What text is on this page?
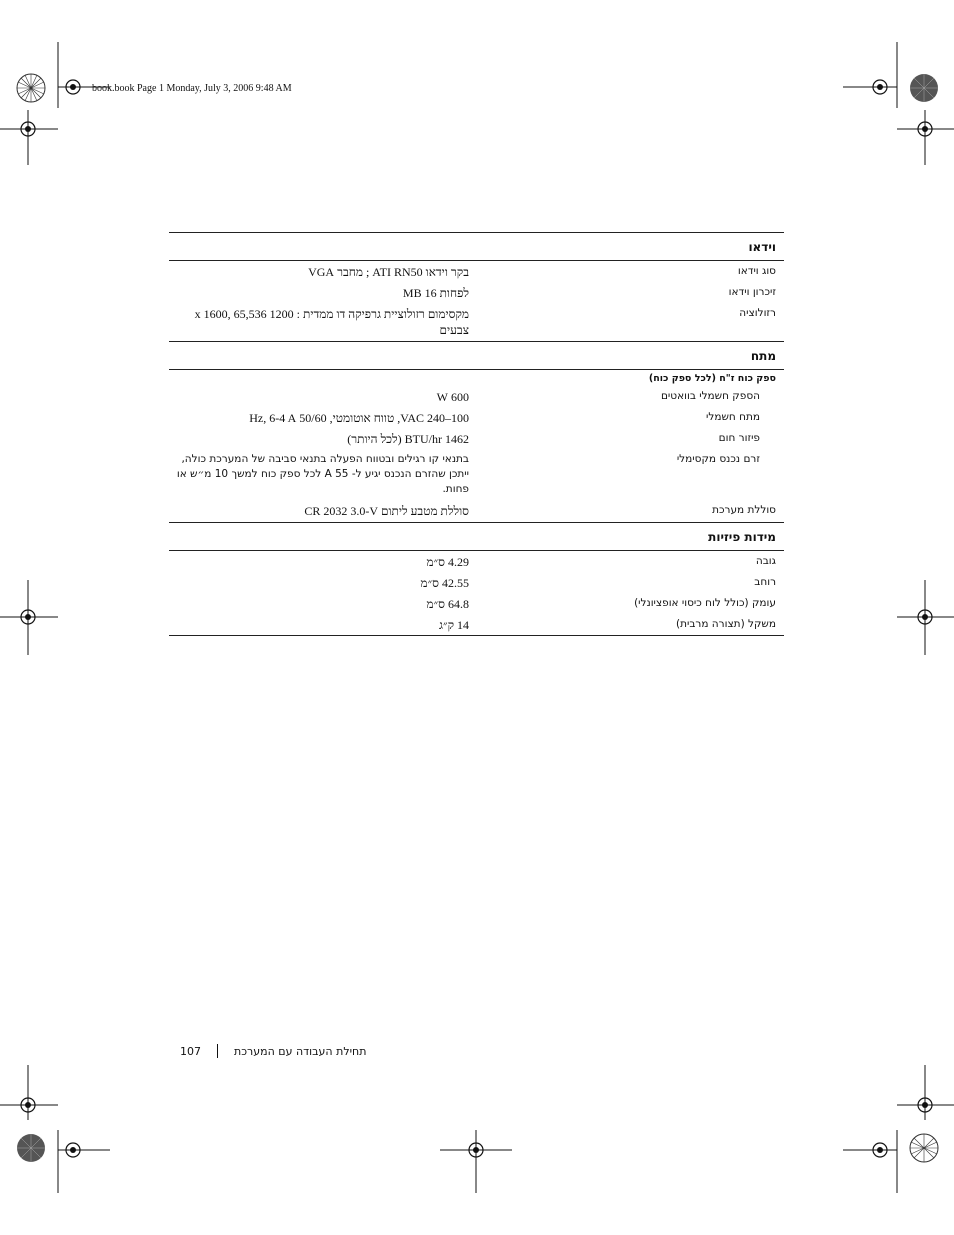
book.book Page 1 Monday, July 3, 2006 9:48 AM
וידאו
סוג וידאו
בקר וידאו ATI RN50 ; מחבר VGA
זיכרון וידאו
לפחות 16 MB
רזולוציה
מקסימום רזולוציית גרפיקה דו ממדית : 1200 x 1600, 65,536 צבעים
מתח
ספק כוח ז"ח (לכל ספק כוח)
הספק חשמלי בוואטים
600 W
מתח חשמלי
100–240 VAC, טווח אוטומטי, 50/60 Hz, 6-4 A
פיזור חום
1462 BTU/hr (לכל היותר)
זרם נכנס מקסימלי
בתנאי קו רגילים ובטווח הפעלה בתנאי סביבה של המערכת כולה, ייתכן שהזרם הנכנס יגיע ל- 55 A לכל ספק כוח למשך 10 מ״ש או פחות.
סוללת מערכת
סוללת מטבע ליתום CR 2032 3.0-V
מידות פיזיות
גובה
4.29 ס״מ
רוחב
42.55 ס״מ
עומק (כולל לוח כיסוי אופציונלי)
64.8 ס״מ
משקל (תצורה מרבית)
14 ק״ג
107	תחילת העבודה עם המערכת
